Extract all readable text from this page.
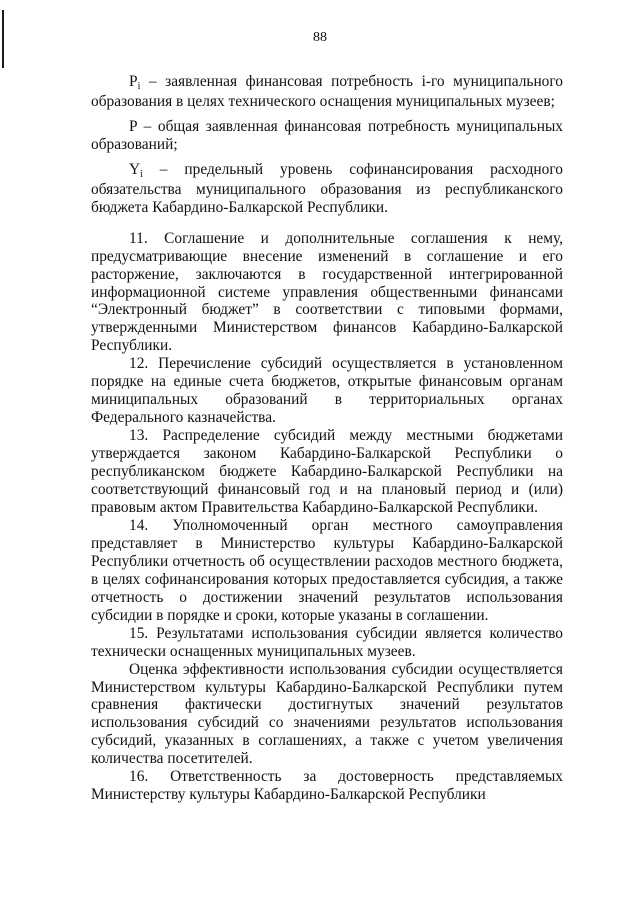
88

$P_i$ – заявленная финансовая потребность i-го муниципального образования в целях технического оснащения муниципальных музеев;

P – общая заявленная финансовая потребность муниципальных образований;

$Y_i$ – предельный уровень софинансирования расходного обязательства муниципального образования из республиканского бюджета Кабардино-Балкарской Республики.

11. Соглашение и дополнительные соглашения к нему, предусматривающие внесение изменений в соглашение и его расторжение, заключаются в государственной интегрированной информационной системе управления общественными финансами “Электронный бюджет” в соответствии с типовыми формами, утвержденными Министерством финансов Кабардино-Балкарской Республики.

12. Перечисление субсидий осуществляется в установленном порядке на единые счета бюджетов, открытые финансовым органам миниципальных образований в территориальных органах Федерального казначейства.

13. Распределение субсидий между местными бюджетами утверждается законом Кабардино-Балкарской Республики о республиканском бюджете Кабардино-Балкарской Республики на соответствующий финансовый год и на плановый период и (или) правовым актом Правительства Кабардино-Балкарской Республики.

14. Уполномоченный орган местного самоуправления представляет в Министерство культуры Кабардино-Балкарской Республики отчетность об осуществлении расходов местного бюджета, в целях софинансирования которых предоставляется субсидия, а также отчетность о достижении значений результатов использования субсидии в порядке и сроки, которые указаны в соглашении.

15. Результатами использования субсидии является количество технически оснащенных муниципальных музеев.

Оценка эффективности использования субсидии осуществляется Министерством культуры Кабардино-Балкарской Республики путем сравнения фактически достигнутых значений результатов использования субсидий со значениями результатов использования субсидий, указанных в соглашениях, а также с учетом увеличения количества посетителей.

16. Ответственность за достоверность представляемых Министерству культуры Кабардино-Балкарской Республики
